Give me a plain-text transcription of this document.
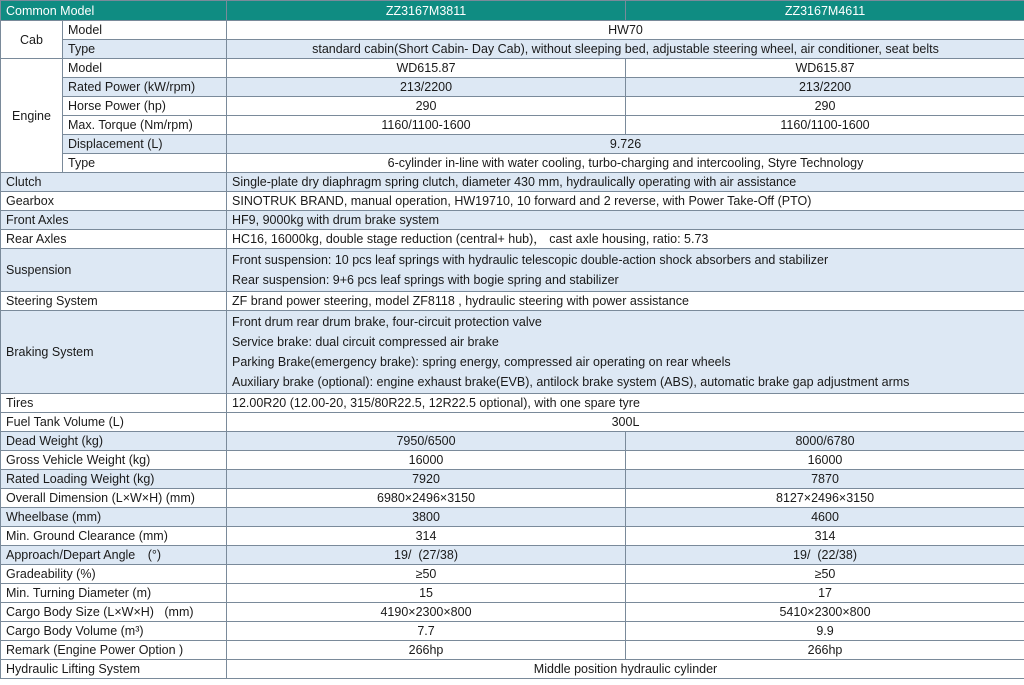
Common Model		ZZ3167M3811	ZZ3167M4611
Cab	Model	HW70	
	Type	standard cabin(Short Cabin- Day Cab), without sleeping bed, adjustable steering wheel, air conditioner, seat belts	
Engine	Model	WD615.87	WD615.87
	Rated Power (kW/rpm)	213/2200	213/2200
	Horse Power (hp)	290	290
	Max. Torque (Nm/rpm)	1160/1100-1600	1160/1100-1600
	Displacement (L)	9.726	
	Type	6-cylinder in-line with water cooling, turbo-charging and intercooling, Styre Technology	
Clutch		Single-plate dry diaphragm spring clutch, diameter 430 mm, hydraulically operating with air assistance	
Gearbox		SINOTRUK BRAND, manual operation, HW19710, 10 forward and 2 reverse, with Power Take-Off (PTO)	
Front Axles		HF9, 9000kg with drum brake system	
Rear Axles		HC16, 16000kg, double stage reduction (central+ hub)， cast axle housing, ratio: 5.73	
Suspension		Front suspension: 10 pcs leaf springs with hydraulic telescopic double-action shock absorbers and stabilizer
Rear suspension: 9+6 pcs leaf springs with bogie spring and stabilizer	

Steering System		ZF brand power steering, model ZF8118 , hydraulic steering with power assistance	
Braking System		Front drum rear drum brake, four-circuit protection valve
Service brake: dual circuit compressed air brake
Parking Brake(emergency brake): spring energy, compressed air operating on rear wheels
Auxiliary brake (optional): engine exhaust brake(EVB), antilock brake system (ABS), automatic brake gap adjustment arms	

Tires		12.00R20 (12.00-20, 315/80R22.5, 12R22.5 optional), with one spare tyre	
Fuel Tank Volume (L)		300L	
Dead Weight (kg)		7950/6500	8000/6780
Gross Vehicle Weight (kg)		16000	16000
Rated Loading Weight (kg)		7920	7870
Overall Dimension (L×W×H) (mm)		6980×2496×3150	8127×2496×3150
Wheelbase (mm)		3800	4600
Min. Ground Clearance (mm)		314	314
Approach/Depart Angle　(°)		19/  (27/38)	19/  (22/38)
Gradeability (%)		≥50	≥50
Min. Turning Diameter (m)		15	17
Cargo Body Size (L×W×H)   (mm)		4190×2300×800	5410×2300×800
Cargo Body Volume (m³)		7.7	9.9
Remark (Engine Power Option )		266hp	266hp
Hydraulic Lifting System		Middle position hydraulic cylinder	
